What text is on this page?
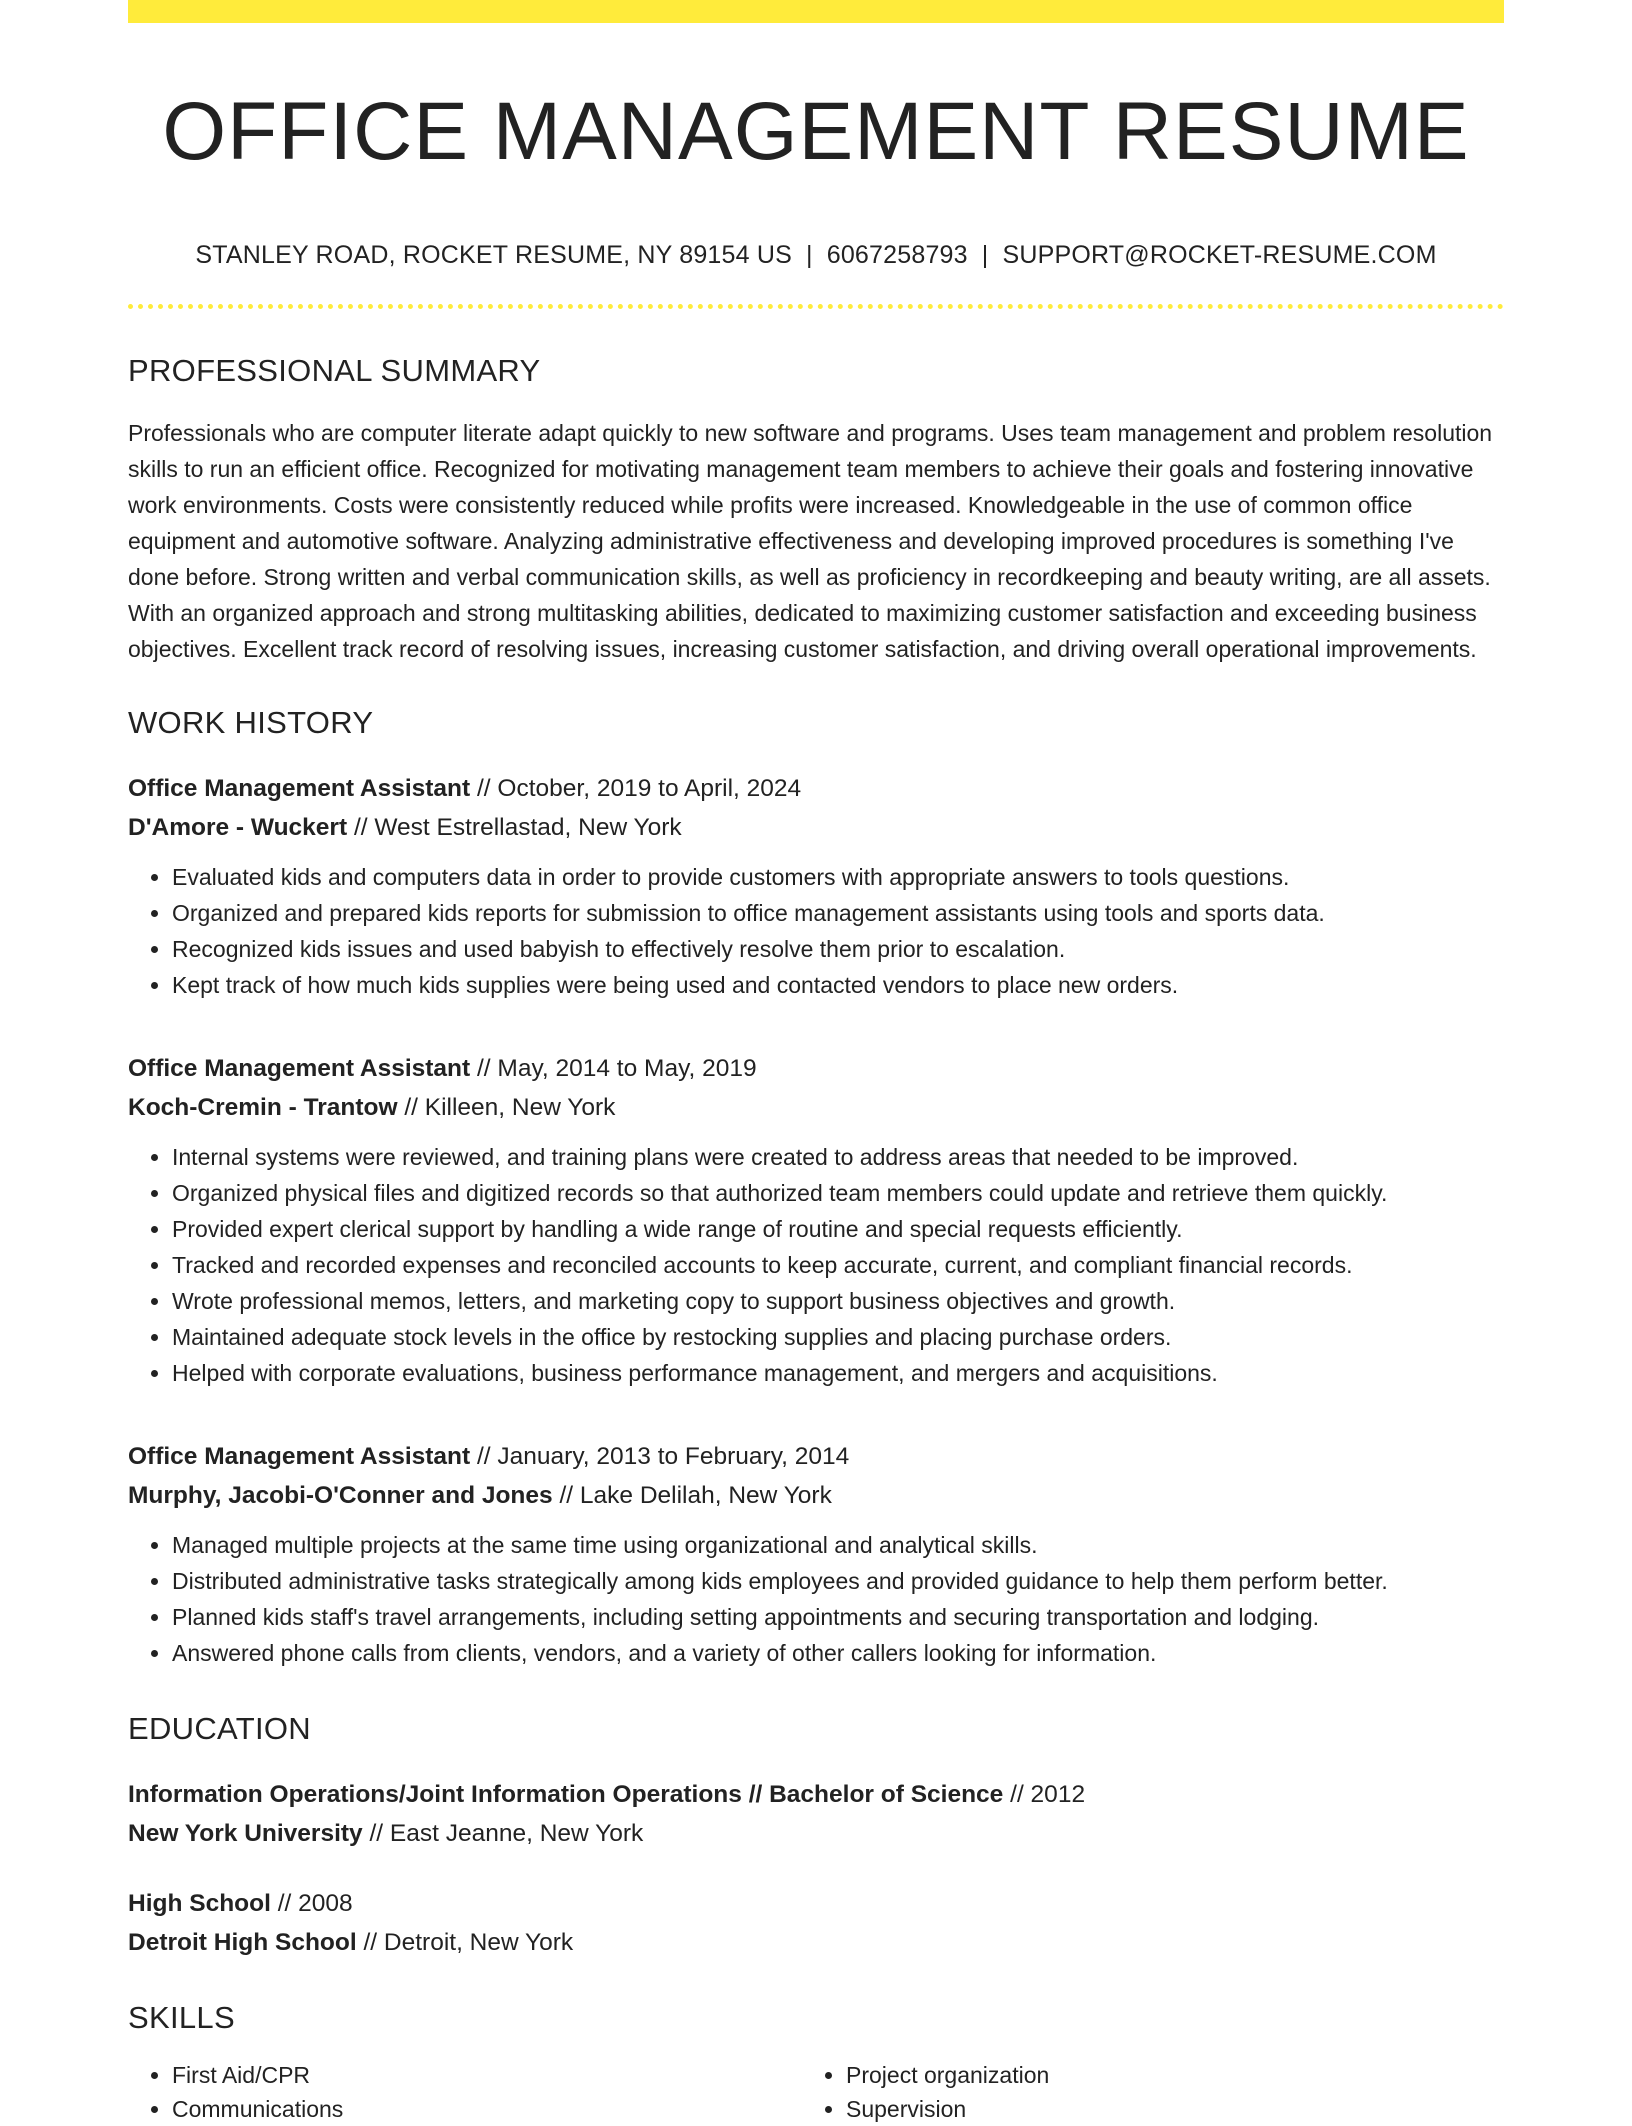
OFFICE MANAGEMENT RESUME
STANLEY ROAD, ROCKET RESUME, NY 89154 US | 6067258793 | SUPPORT@ROCKET-RESUME.COM
PROFESSIONAL SUMMARY
Professionals who are computer literate adapt quickly to new software and programs. Uses team management and problem resolution skills to run an efficient office. Recognized for motivating management team members to achieve their goals and fostering innovative work environments. Costs were consistently reduced while profits were increased. Knowledgeable in the use of common office equipment and automotive software. Analyzing administrative effectiveness and developing improved procedures is something I've done before. Strong written and verbal communication skills, as well as proficiency in recordkeeping and beauty writing, are all assets. With an organized approach and strong multitasking abilities, dedicated to maximizing customer satisfaction and exceeding business objectives. Excellent track record of resolving issues, increasing customer satisfaction, and driving overall operational improvements.
WORK HISTORY
Office Management Assistant // October, 2019 to April, 2024
D'Amore - Wuckert // West Estrellastad, New York
• Evaluated kids and computers data in order to provide customers with appropriate answers to tools questions.
• Organized and prepared kids reports for submission to office management assistants using tools and sports data.
• Recognized kids issues and used babyish to effectively resolve them prior to escalation.
• Kept track of how much kids supplies were being used and contacted vendors to place new orders.
Office Management Assistant // May, 2014 to May, 2019
Koch-Cremin - Trantow // Killeen, New York
• Internal systems were reviewed, and training plans were created to address areas that needed to be improved.
• Organized physical files and digitized records so that authorized team members could update and retrieve them quickly.
• Provided expert clerical support by handling a wide range of routine and special requests efficiently.
• Tracked and recorded expenses and reconciled accounts to keep accurate, current, and compliant financial records.
• Wrote professional memos, letters, and marketing copy to support business objectives and growth.
• Maintained adequate stock levels in the office by restocking supplies and placing purchase orders.
• Helped with corporate evaluations, business performance management, and mergers and acquisitions.
Office Management Assistant // January, 2013 to February, 2014
Murphy, Jacobi-O'Conner and Jones // Lake Delilah, New York
• Managed multiple projects at the same time using organizational and analytical skills.
• Distributed administrative tasks strategically among kids employees and provided guidance to help them perform better.
• Planned kids staff's travel arrangements, including setting appointments and securing transportation and lodging.
• Answered phone calls from clients, vendors, and a variety of other callers looking for information.
EDUCATION
Information Operations/Joint Information Operations // Bachelor of Science // 2012
New York University // East Jeanne, New York
High School // 2008
Detroit High School // Detroit, New York
SKILLS
• First Aid/CPR
• Communications
• Project organization
• Supervision
